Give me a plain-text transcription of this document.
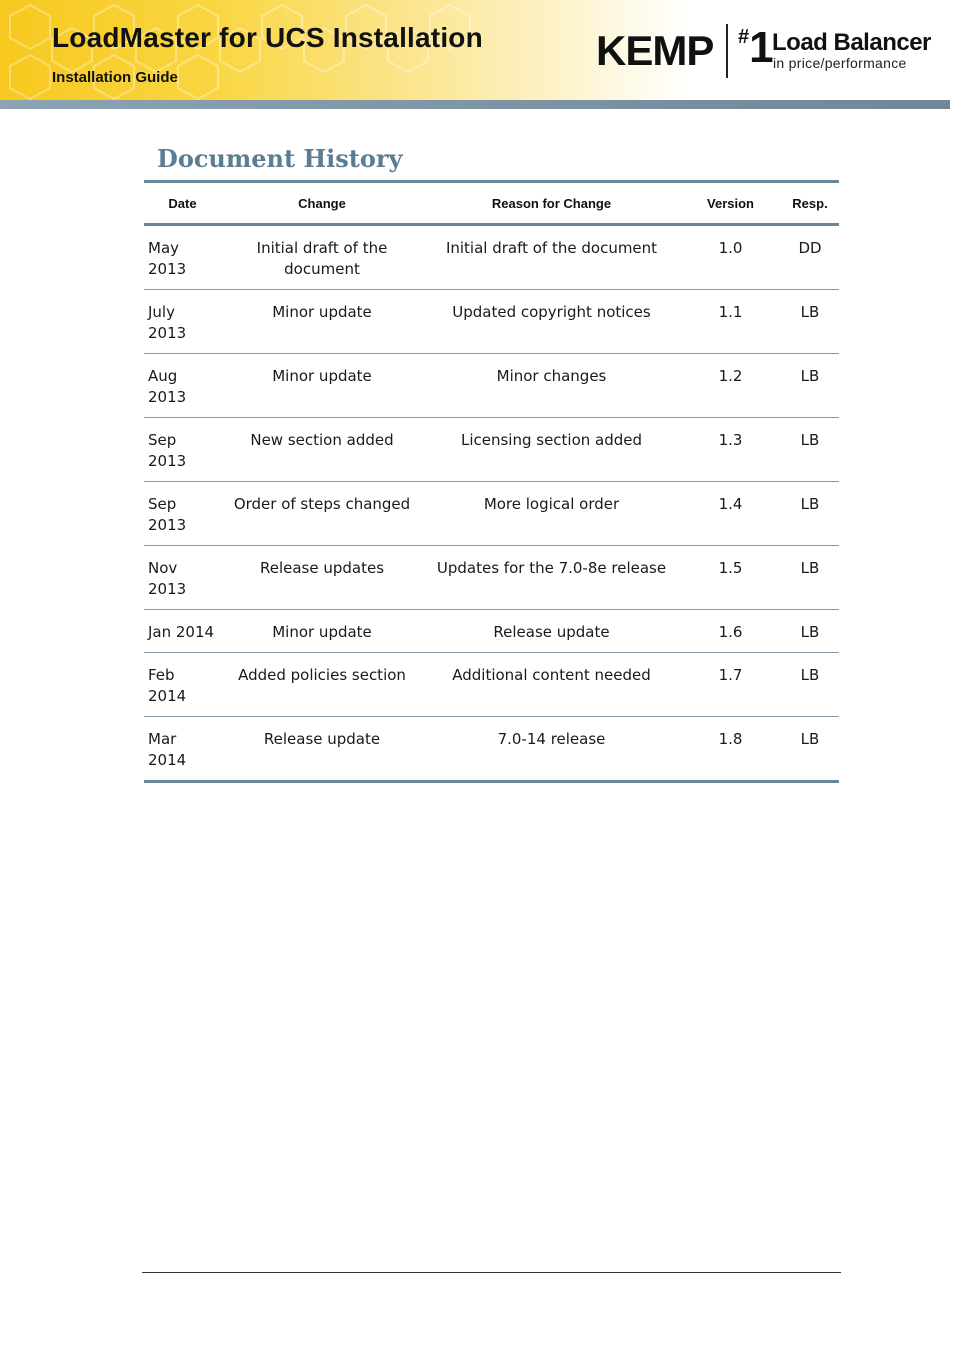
LoadMaster for UCS Installation

Installation Guide

KEMP #1
Load Balancer
in price/performance
Document History
Date	Change	Reason for Change	Version	Resp.
May 2013	Initial draft of the document	Initial draft of the document	1.0	DD
July 2013	Minor update	Updated copyright notices	1.1	LB
Aug 2013	Minor update	Minor changes	1.2	LB
Sep 2013	New section added	Licensing section added	1.3	LB
Sep 2013	Order of steps changed	More logical order	1.4	LB
Nov 2013	Release updates	Updates for the 7.0-8e release	1.5	LB
Jan 2014	Minor update	Release update	1.6	LB
Feb 2014	Added policies section	Additional content needed	1.7	LB
Mar 2014	Release update	7.0-14 release	1.8	LB
